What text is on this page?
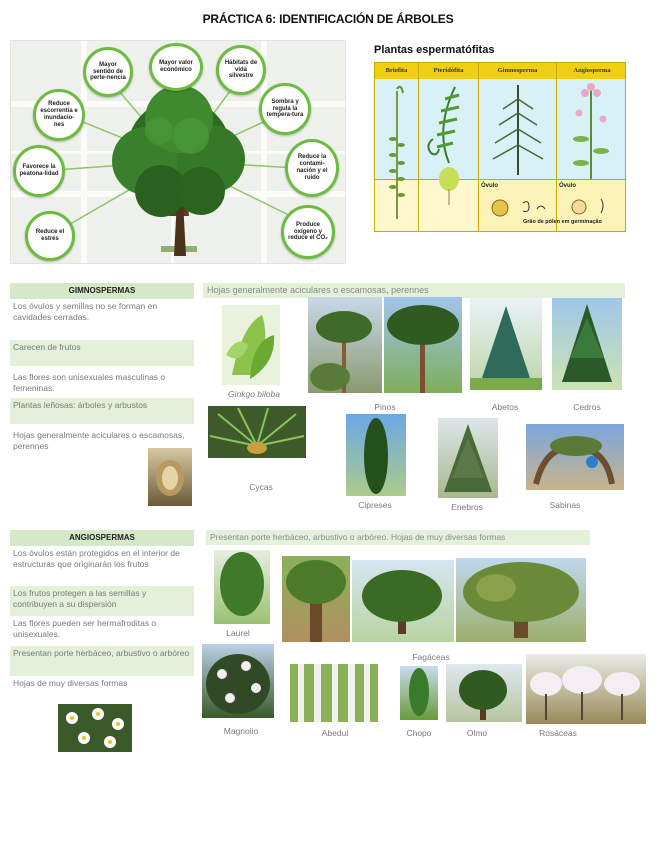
PRÁCTICA 6: IDENTIFICACIÓN DE ÁRBOLES
Mayor sentido de perte-nencia
Mayor valor económico
Hábitats de vida silvestre
Reduce escorrentía e inundacio-nes
Sombra y regula la tempera-tura
Favorece la peatona-lidad
Reduce la contami-nación y el ruido
Reduce el estrés
Produce oxígeno y reduce el CO₂
Plantas espermatófitas
Briofita	Pteridófita	Gimnosperma	Angiosperma
Óvulo	Óvulo
Grão de pólen em germinação
GIMNOSPERMAS
Los óvulos y semillas no se forman en cavidades cerradas.
Carecen de frutos
Las flores son unisexuales masculinas o femeninas.
Plantas leñosas: árboles y arbustos
Hojas generalmente aciculares o escamosas, perennes
Hojas generalmente aciculares o escamosas, perennes
Ginkgo biloba
Pinos	Abetos	Cedros
Cycas
Cipreses	Enebros	Sabinas
ANGIOSPERMAS
Los óvulos están protegidos en el interior de estructuras que originarán los frutos
Los frutos protegen a las semillas y contribuyen a su dispersión
Las flores pueden ser hermafroditas o unisexuales.
Presentan porte herbáceo, arbustivo o arbóreo
Hojas de muy diversas formas
Presentan porte herbáceo, arbustivo o arbóreo. Hojas de muy diversas formas
Laurel
Fagáceas
Magnolio	Abedul	Chopo	Olmo	Rosáceas
